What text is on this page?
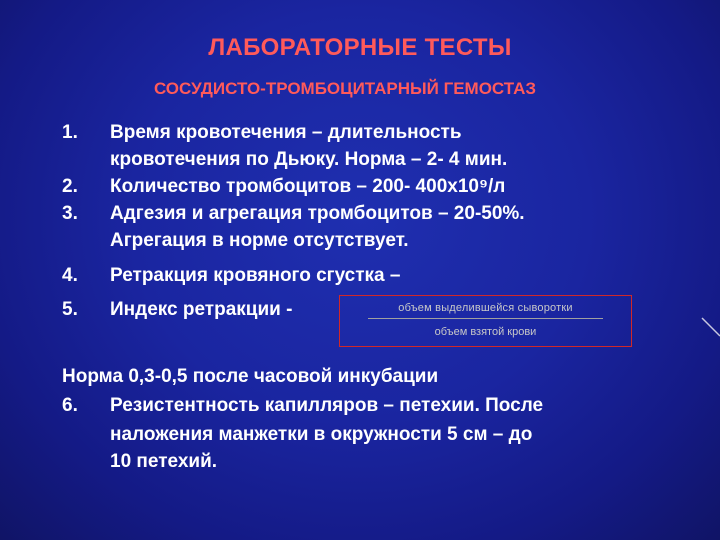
ЛАБОРАТОРНЫЕ ТЕСТЫ
СОСУДИСТО-ТРОМБОЦИТАРНЫЙ ГЕМОСТАЗ
1. Время кровотечения – длительность
кровотечения по Дьюку. Норма – 2- 4 мин.
2. Количество тромбоцитов – 200- 400х10⁹/л
3. Адгезия и агрегация тромбоцитов – 20-50%.
Агрегация в норме отсутствует.
4. Ретракция кровяного сгустка –
5. Индекс ретракции -	объем выделившейся сыворотки
объем взятой крови
Норма 0,3-0,5 после часовой инкубации
6. Резистентность капилляров – петехии. После
наложения манжетки в окружности 5 см – до
10 петехий.
